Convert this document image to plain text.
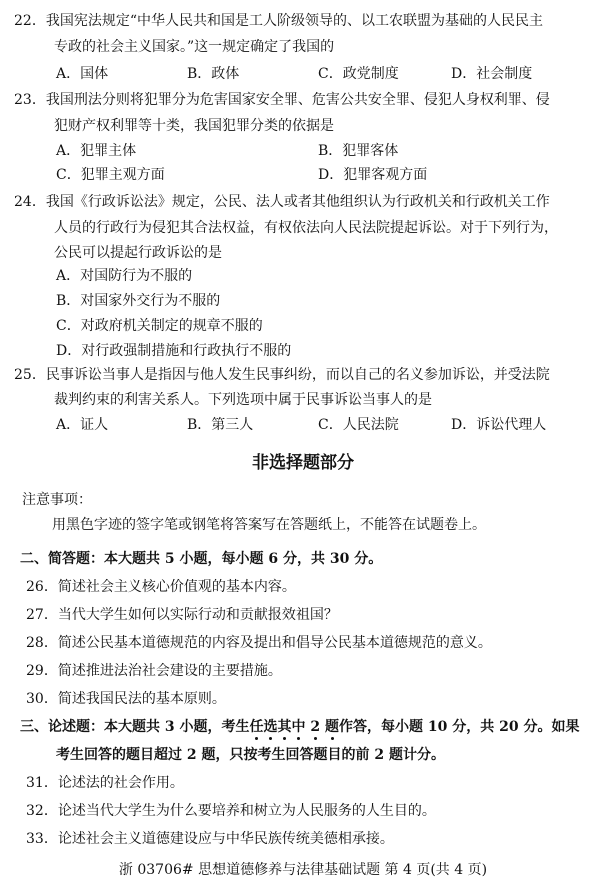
22．我国宪法规定“中华人民共和国是工人阶级领导的、以工农联盟为基础的人民民主
专政的社会主义国家。”这一规定确定了我国的
A．国体	B．政体	C．政党制度	D．社会制度
23．我国刑法分则将犯罪分为危害国家安全罪、危害公共安全罪、侵犯人身权利罪、侵
犯财产权利罪等十类，我国犯罪分类的依据是
A．犯罪主体	B．犯罪客体
C．犯罪主观方面	D．犯罪客观方面
24．我国《行政诉讼法》规定，公民、法人或者其他组织认为行政机关和行政机关工作
人员的行政行为侵犯其合法权益，有权依法向人民法院提起诉讼。对于下列行为，
公民可以提起行政诉讼的是
A．对国防行为不服的
B．对国家外交行为不服的
C．对政府机关制定的规章不服的
D．对行政强制措施和行政执行不服的
25．民事诉讼当事人是指因与他人发生民事纠纷，而以自己的名义参加诉讼，并受法院
裁判约束的利害关系人。下列选项中属于民事诉讼当事人的是
A．证人	B．第三人	C．人民法院	D．诉讼代理人
非选择题部分
注意事项：
用黑色字迹的签字笔或钢笔将答案写在答题纸上，不能答在试题卷上。
二、简答题：本大题共 5 小题，每小题 6 分，共 30 分。
26．简述社会主义核心价值观的基本内容。
27．当代大学生如何以实际行动和贡献报效祖国？
28．简述公民基本道德规范的内容及提出和倡导公民基本道德规范的意义。
29．简述推进法治社会建设的主要措施。
30．简述我国民法的基本原则。
三、论述题：本大题共 3 小题，考生任选其中 2 题作答，每小题 10 分，共 20 分。如果
考生回答的题目超过 2 题，只按考生回答题目的前 2 题计分。
31．论述法的社会作用。
32．论述当代大学生为什么要培养和树立为人民服务的人生目的。
33．论述社会主义道德建设应与中华民族传统美德相承接。
浙 03706# 思想道德修养与法律基础试题 第 4 页(共 4 页)
